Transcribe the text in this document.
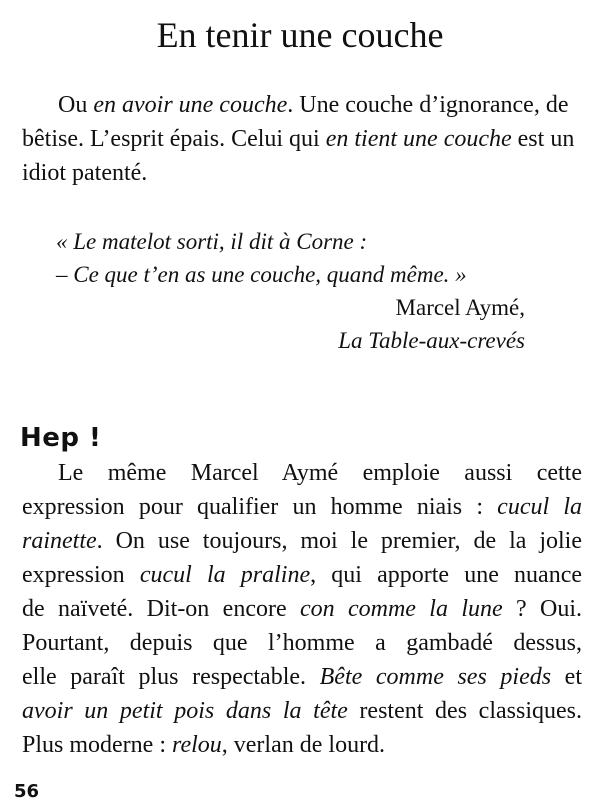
En tenir une couche

Ou en avoir une couche. Une couche d’ignorance, de bêtise. L’esprit épais. Celui qui en tient une couche est un idiot patenté.

« Le matelot sorti, il dit à Corne :
– Ce que t’en as une couche, quand même. »

Marcel Aymé,

La Table-aux-crevés

Hep !

Le même Marcel Aymé emploie aussi cette
expression pour qualifier un homme niais : cucul la
rainette. On use toujours, moi le premier, de la jolie
expression cucul la praline, qui apporte une nuance
de naïveté. Dit-on encore con comme la lune ? Oui.
Pourtant, depuis que l’homme a gambadé dessus,
elle paraît plus respectable. Bête comme ses pieds et
avoir un petit pois dans la tête restent des classiques.
Plus moderne : relou, verlan de lourd.

56
